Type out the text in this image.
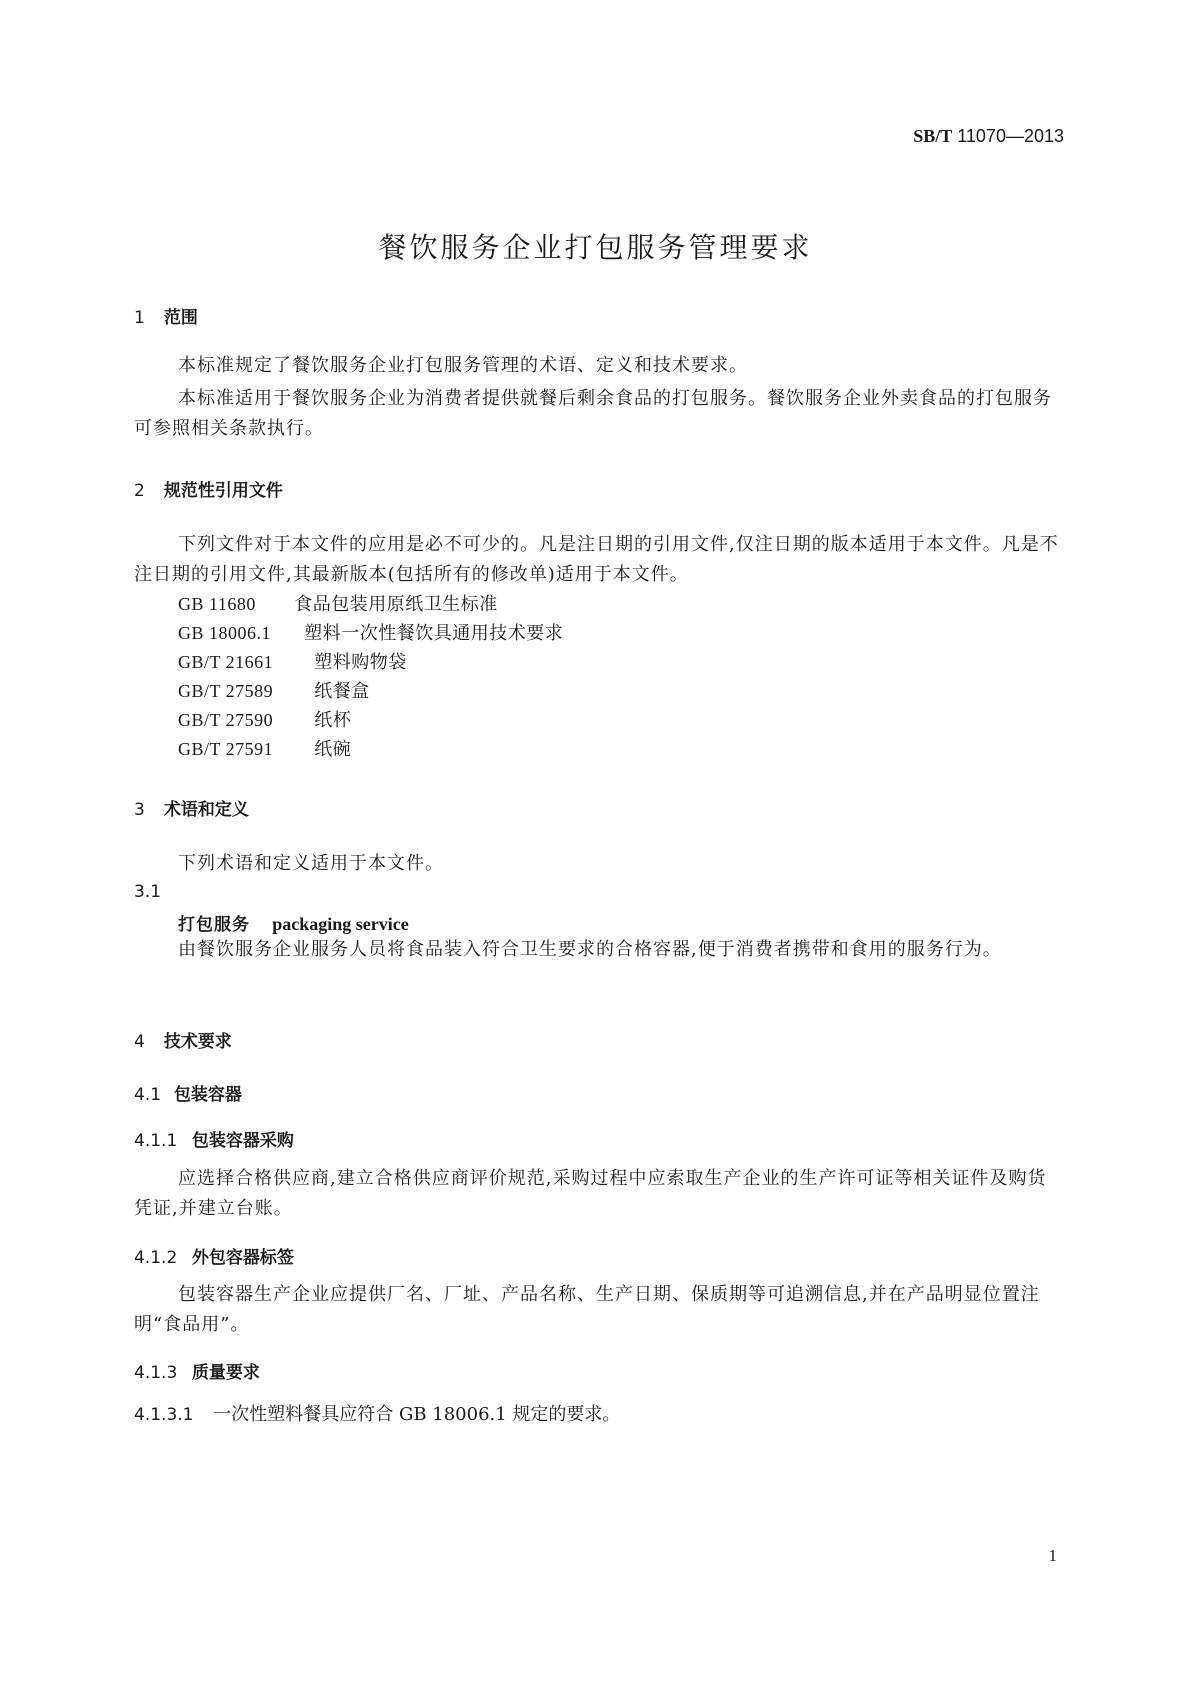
SB/T 11070—2013
餐饮服务企业打包服务管理要求
1 范围

本标准规定了餐饮服务企业打包服务管理的术语、定义和技术要求。

本标准适用于餐饮服务企业为消费者提供就餐后剩余食品的打包服务。餐饮服务企业外卖食品的打包服务可参照相关条款执行。

2 规范性引用文件

下列文件对于本文件的应用是必不可少的。凡是注日期的引用文件,仅注日期的版本适用于本文件。凡是不注日期的引用文件,其最新版本(包括所有的修改单)适用于本文件。

GB 11680 食品包装用原纸卫生标准
GB 18006.1 塑料一次性餐饮具通用技术要求
GB/T 21661 塑料购物袋
GB/T 27589 纸餐盒
GB/T 27590 纸杯
GB/T 27591 纸碗
3 术语和定义

下列术语和定义适用于本文件。

3.1
打包服务 packaging service

由餐饮服务企业服务人员将食品装入符合卫生要求的合格容器,便于消费者携带和食用的服务行为。

4 技术要求
4.1 包装容器
4.1.1 包装容器采购

应选择合格供应商,建立合格供应商评价规范,采购过程中应索取生产企业的生产许可证等相关证件及购货凭证,并建立台账。

4.1.2 外包容器标签

包装容器生产企业应提供厂名、厂址、产品名称、生产日期、保质期等可追溯信息,并在产品明显位置注明“食品用”。

4.1.3 质量要求
4.1.3.1 一次性塑料餐具应符合 GB 18006.1 规定的要求。
1
